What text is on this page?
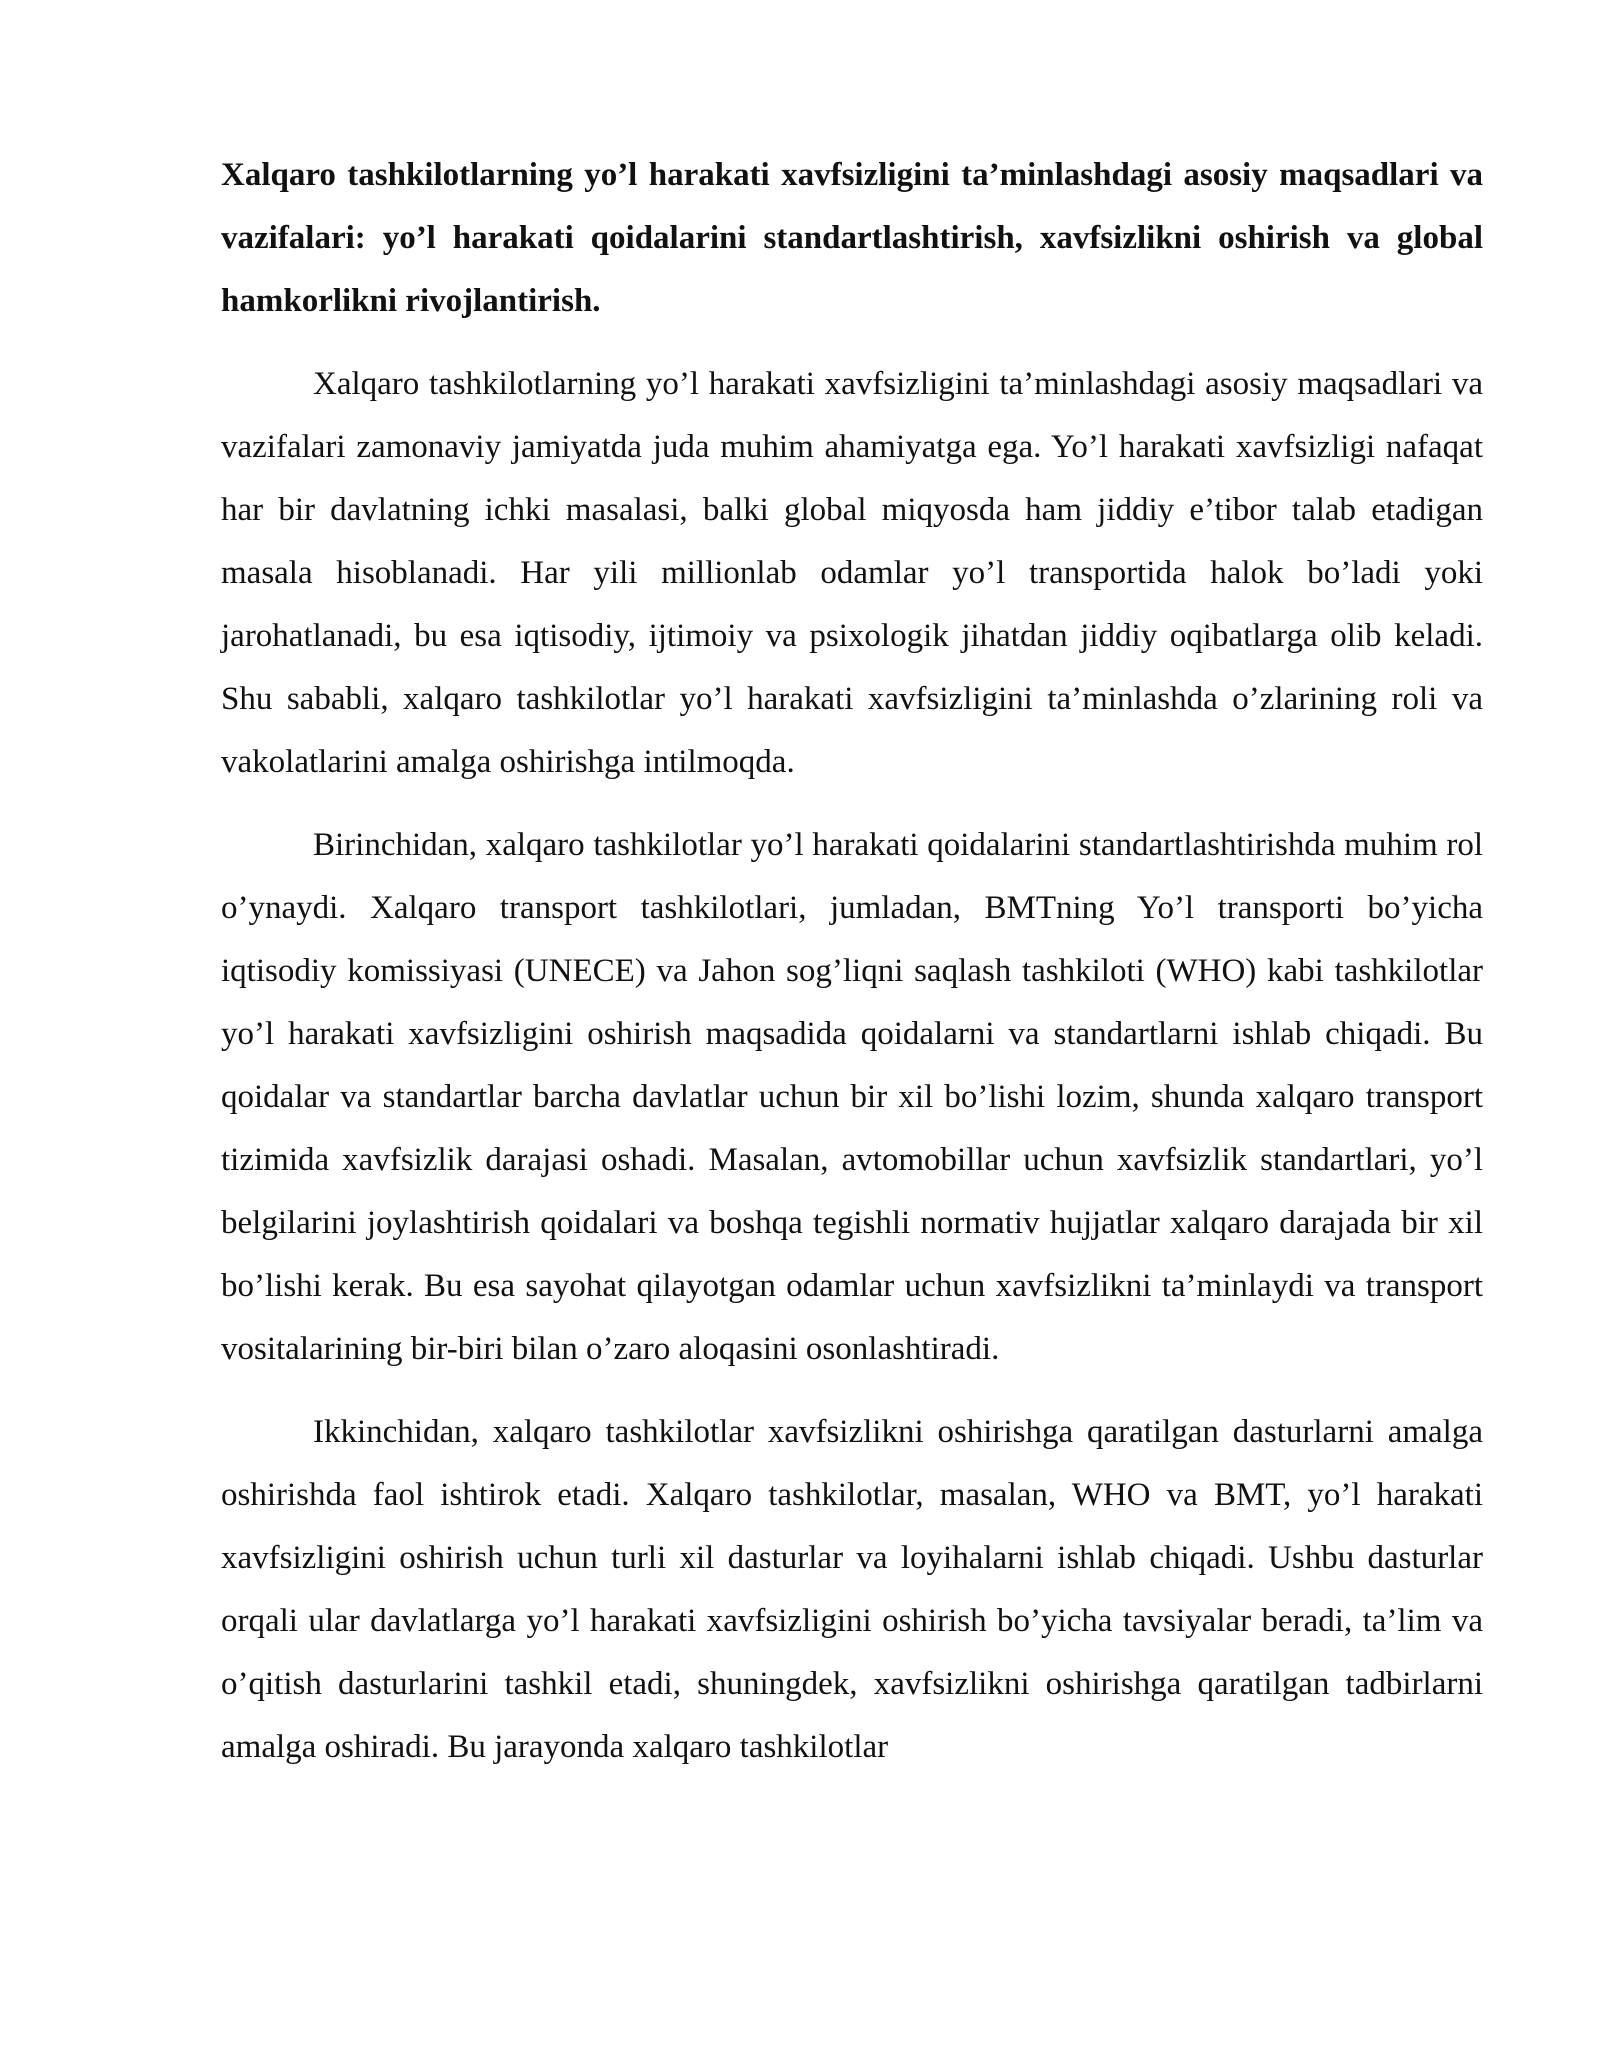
Xalqaro tashkilotlarning yo’l harakati xavfsizligini ta’minlashdagi asosiy maqsadlari va vazifalari: yo’l harakati qoidalarini standartlashtirish, xavfsizlikni oshirish va global hamkorlikni rivojlantirish.

Xalqaro tashkilotlarning yo’l harakati xavfsizligini ta’minlashdagi asosiy maqsadlari va vazifalari zamonaviy jamiyatda juda muhim ahamiyatga ega. Yo’l harakati xavfsizligi nafaqat har bir davlatning ichki masalasi, balki global miqyosda ham jiddiy e’tibor talab etadigan masala hisoblanadi. Har yili millionlab odamlar yo’l transportida halok bo’ladi yoki jarohatlanadi, bu esa iqtisodiy, ijtimoiy va psixologik jihatdan jiddiy oqibatlarga olib keladi. Shu sababli, xalqaro tashkilotlar yo’l harakati xavfsizligini ta’minlashda o’zlarining roli va vakolatlarini amalga oshirishga intilmoqda.

Birinchidan, xalqaro tashkilotlar yo’l harakati qoidalarini standartlashtirishda muhim rol o’ynaydi. Xalqaro transport tashkilotlari, jumladan, BMTning Yo’l transporti bo’yicha iqtisodiy komissiyasi (UNECE) va Jahon sog’liqni saqlash tashkiloti (WHO) kabi tashkilotlar yo’l harakati xavfsizligini oshirish maqsadida qoidalarni va standartlarni ishlab chiqadi. Bu qoidalar va standartlar barcha davlatlar uchun bir xil bo’lishi lozim, shunda xalqaro transport tizimida xavfsizlik darajasi oshadi. Masalan, avtomobillar uchun xavfsizlik standartlari, yo’l belgilarini joylashtirish qoidalari va boshqa tegishli normativ hujjatlar xalqaro darajada bir xil bo’lishi kerak. Bu esa sayohat qilayotgan odamlar uchun xavfsizlikni ta’minlaydi va transport vositalarining bir-biri bilan o’zaro aloqasini osonlashtiradi.

Ikkinchidan, xalqaro tashkilotlar xavfsizlikni oshirishga qaratilgan dasturlarni amalga oshirishda faol ishtirok etadi. Xalqaro tashkilotlar, masalan, WHO va BMT, yo’l harakati xavfsizligini oshirish uchun turli xil dasturlar va loyihalarni ishlab chiqadi. Ushbu dasturlar orqali ular davlatlarga yo’l harakati xavfsizligini oshirish bo’yicha tavsiyalar beradi, ta’lim va o’qitish dasturlarini tashkil etadi, shuningdek, xavfsizlikni oshirishga qaratilgan tadbirlarni amalga oshiradi. Bu jarayonda xalqaro tashkilotlar
